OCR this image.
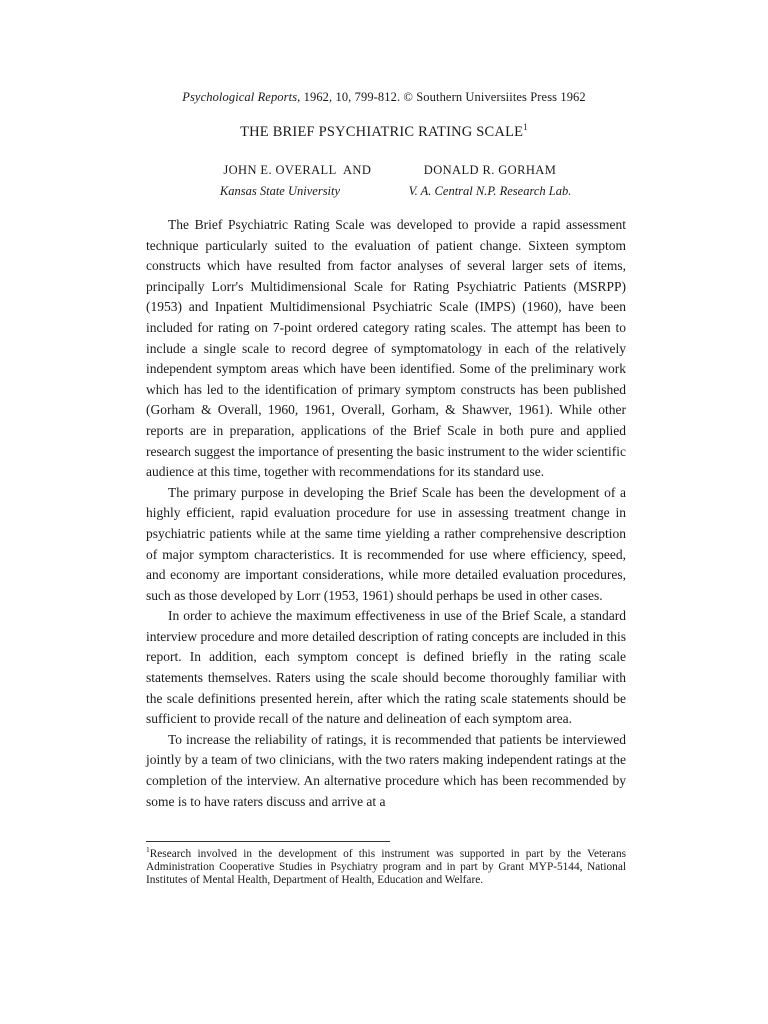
Psychological Reports, 1962, 10, 799-812. © Southern Universiites Press 1962
THE BRIEF PSYCHIATRIC RATING SCALE$^1$
JOHN E. OVERALL
Kansas State University
AND	DONALD R. GORHAM
V. A. Central N.P. Research Lab.

The Brief Psychiatric Rating Scale was developed to provide a rapid assessment technique particularly suited to the evaluation of patient change. Sixteen symptom constructs which have resulted from factor analyses of several larger sets of items, principally Lorr's Multidimensional Scale for Rating Psychiatric Patients (MSRPP) (1953) and Inpatient Multidimensional Psychiatric Scale (IMPS) (1960), have been included for rating on 7-point ordered category rating scales. The attempt has been to include a single scale to record degree of symptomatology in each of the relatively independent symptom areas which have been identified. Some of the preliminary work which has led to the identification of primary symptom constructs has been published (Gorham & Overall, 1960, 1961, Overall, Gorham, & Shawver, 1961). While other reports are in preparation, applications of the Brief Scale in both pure and applied research suggest the importance of presenting the basic instrument to the wider scientific audience at this time, together with recommendations for its standard use.

The primary purpose in developing the Brief Scale has been the development of a highly efficient, rapid evaluation procedure for use in assessing treatment change in psychiatric patients while at the same time yielding a rather comprehensive description of major symptom characteristics. It is recommended for use where efficiency, speed, and economy are important considerations, while more detailed evaluation procedures, such as those developed by Lorr (1953, 1961) should perhaps be used in other cases.

In order to achieve the maximum effectiveness in use of the Brief Scale, a standard interview procedure and more detailed description of rating concepts are included in this report. In addition, each symptom concept is defined briefly in the rating scale statements themselves. Raters using the scale should become thoroughly familiar with the scale definitions presented herein, after which the rating scale statements should be sufficient to provide recall of the nature and delineation of each symptom area.

To increase the reliability of ratings, it is recommended that patients be interviewed jointly by a team of two clinicians, with the two raters making independent ratings at the completion of the interview. An alternative procedure which has been recommended by some is to have raters discuss and arrive at a

$^1$Research involved in the development of this instrument was supported in part by the Veterans Administration Cooperative Studies in Psychiatry program and in part by Grant MYP-5144, National Institutes of Mental Health, Department of Health, Education and Welfare.
